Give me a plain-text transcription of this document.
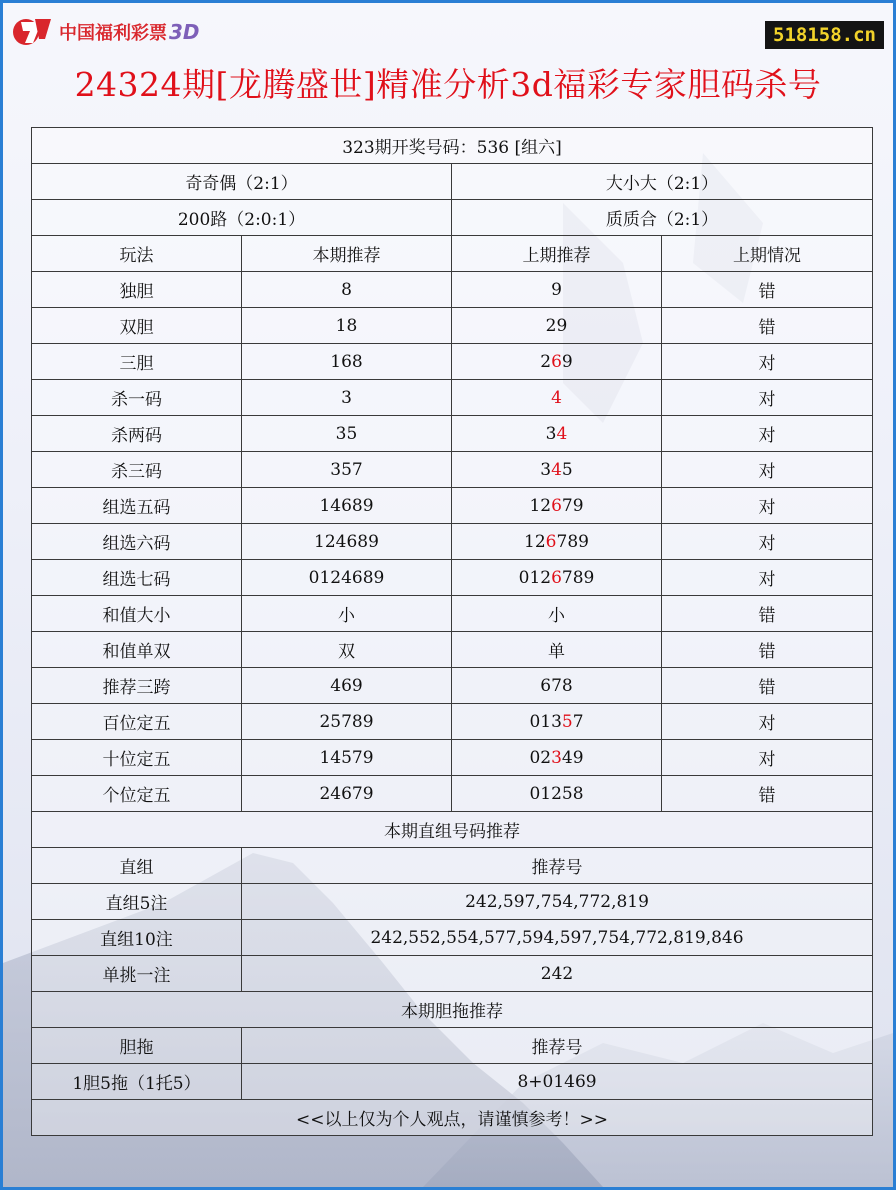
中国福利彩票 3D	518158.cn
24324期[龙腾盛世]精准分析3d福彩专家胆码杀号
323期开奖号码：536 [组六]			
奇奇偶（2:1）		大小大（2:1）	
200路（2:0:1）		质质合（2:1）	
玩法	本期推荐	上期推荐	上期情况
独胆	8	9	错
双胆	18	29	错
三胆	168	269	对
杀一码	3	4	对
杀两码	35	34	对
杀三码	357	345	对
组选五码	14689	12679	对
组选六码	124689	126789	对
组选七码	0124689	0126789	对
和值大小	小	小	错
和值单双	双	单	错
推荐三跨	469	678	错
百位定五	25789	01357	对
十位定五	14579	02349	对
个位定五	24679	01258	错
本期直组号码推荐			
直组	推荐号		
直组5注	242,597,754,772,819		
直组10注	242,552,554,577,594,597,754,772,819,846		
单挑一注	242		
本期胆拖推荐			
胆拖	推荐号		
1胆5拖（1托5）	8+01469		
<<以上仅为个人观点，请谨慎参考！>>			
